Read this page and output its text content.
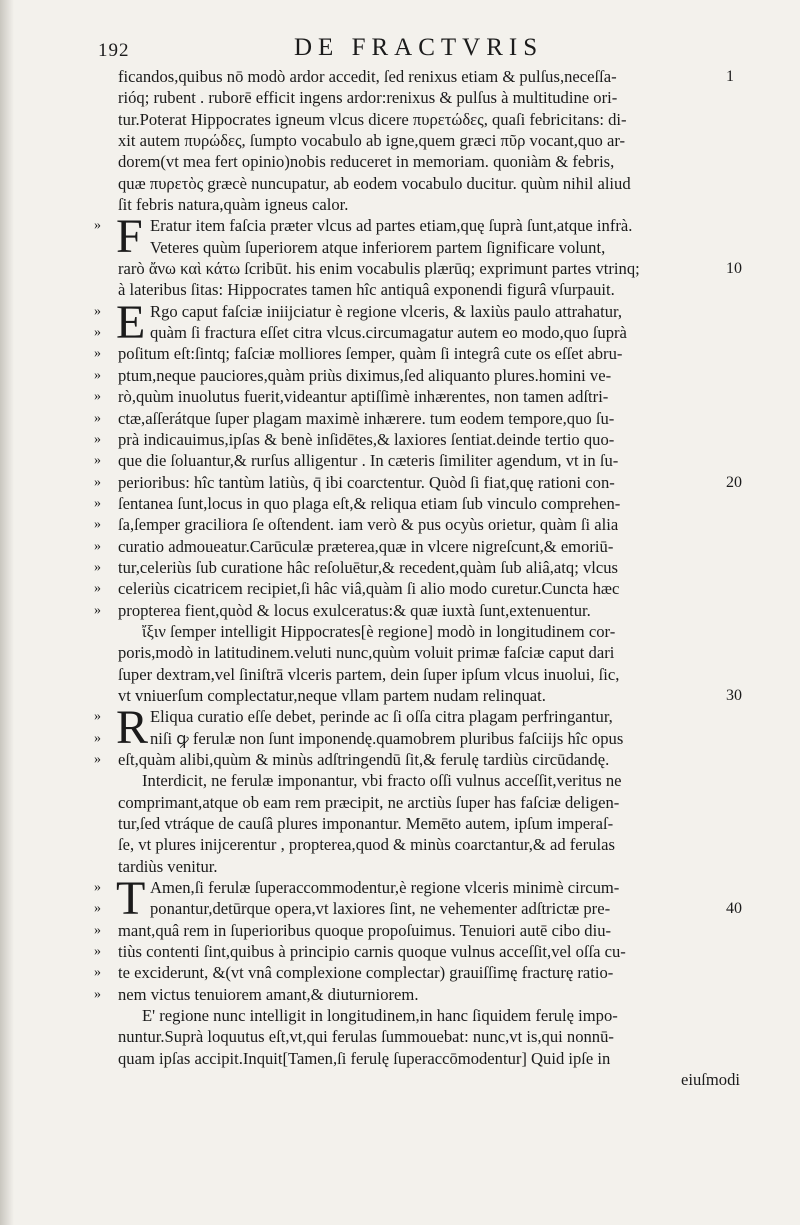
192	DE FRACTVRIS
ficandos,quibus nō modò ardor accedit, ſed renixus etiam & pulſus,neceſſa-	1
rióq; rubent . ruborē efficit ingens ardor:renixus & pulſus à multitudine ori-
tur.Poterat Hippocrates igneum vlcus dicere πυρετώδες, quaſi febricitans: di-
xit autem πυρώδες, ſumpto vocabulo ab igne,quem græci πῦρ vocant,quo ar-
dorem(vt mea fert opinio)nobis reduceret in memoriam. quoniàm & febris,
quæ πυρετὸς græcè nuncupatur, ab eodem vocabulo ducitur. quùm nihil aliud
ſit febris natura,quàm igneus calor.
» F Eratur item faſcia præter vlcus ad partes etiam,quę ſuprà ſunt,atque infrà.
Veteres quùm ſuperiorem atque inferiorem partem ſignificare volunt,
rarò ἄνω καὶ κάτω ſcribūt. his enim vocabulis plærūq; exprimunt partes vtrinq;	10
à lateribus ſitas: Hippocrates tamen hîc antiquâ exponendi figurâ vſurpauit.
» E Rgo caput faſciæ iniĳciatur è regione vlceris, & laxiùs paulo attrahatur,
»	quàm ſi fractura eſſet citra vlcus.circumagatur autem eo modo,quo ſuprà
» poſitum eſt:ſintq; faſciæ molliores ſemper, quàm ſi integrâ cute os eſſet abru-
» ptum,neque pauciores,quàm priùs diximus,ſed aliquanto plures.homini ve-
» rò,quùm inuolutus fuerit,videantur aptiſſimè inhærentes, non tamen adſtri-
» ctæ,aſſerátque ſuper plagam maximè inhærere. tum eodem tempore,quo ſu-
» prà indicauimus,ipſas & benè inſidētes,& laxiores ſentiat.deinde tertio quo-
» que die ſoluantur,& rurſus alligentur . In cæteris ſimiliter agendum, vt in ſu-
» perioribus: hîc tantùm latiùs, q̄ ibi coarctentur. Quòd ſi fiat,quę rationi con-	20
» ſentanea ſunt,locus in quo plaga eſt,& reliqua etiam ſub vinculo comprehen-
» ſa,ſemper graciliora ſe oſtendent. iam verò & pus ocyùs orietur, quàm ſi alia
» curatio admoueatur.Carūculæ præterea,quæ in vlcere nigreſcunt,& emoriū-
» tur,celeriùs ſub curatione hâc reſoluētur,& recedent,quàm ſub aliâ,atq; vlcus
» celeriùs cicatricem recipiet,ſi hâc viâ,quàm ſi alio modo curetur.Cuncta hæc
» propterea fient,quòd & locus exulceratus:& quæ iuxtà ſunt,extenuentur.
ἴξιν ſemper intelligit Hippocrates[è regione] modò in longitudinem cor-
poris,modò in latitudinem.veluti nunc,quùm voluit primæ faſciæ caput dari
ſuper dextram,vel ſiniſtrā vlceris partem, dein ſuper ipſum vlcus inuolui, ſic,
vt vniuerſum complectatur,neque vllam partem nudam relinquat.	30
» R Eliqua curatio eſſe debet, perinde ac ſi oſſa citra plagam perfringantur,
»	niſi ꝙ ferulæ non ſunt imponendę.quamobrem pluribus faſciĳs hîc opus
» eſt,quàm alibi,quùm & minùs adſtringendū ſit,& ferulę tardiùs circūdandę.
Interdicit, ne ferulæ imponantur, vbi fracto oſſi vulnus acceſſit,veritus ne
comprimant,atque ob eam rem præcipit, ne arctiùs ſuper has faſciæ deligen-
tur,ſed vtráque de cauſâ plures imponantur. Memēto autem, ipſum imperaſ-
ſe, vt plures inĳcerentur , propterea,quod & minùs coarctantur,& ad ferulas
tardiùs venitur.
» T Amen,ſi ferulæ ſuperaccommodentur,è regione vlceris minimè circum-
»	ponantur,detūrque opera,vt laxiores ſint, ne vehementer adſtrictæ pre-	40
» mant,quâ rem in ſuperioribus quoque propoſuimus. Tenuiori autē cibo diu-
» tiùs contenti ſint,quibus à principio carnis quoque vulnus acceſſit,vel oſſa cu-
» te exciderunt, &(vt vnâ complexione complectar) grauiſſimę fracturę ratio-
» nem victus tenuiorem amant,& diuturniorem.
E' regione nunc intelligit in longitudinem,in hanc ſiquidem ferulę impo-
nuntur.Suprà loquutus eſt,vt,qui ferulas ſummouebat: nunc,vt is,qui nonnū-
quam ipſas accipit.Inquit[Tamen,ſi ferulę ſuperaccōmodentur] Quid ipſe in
eiuſmodi
